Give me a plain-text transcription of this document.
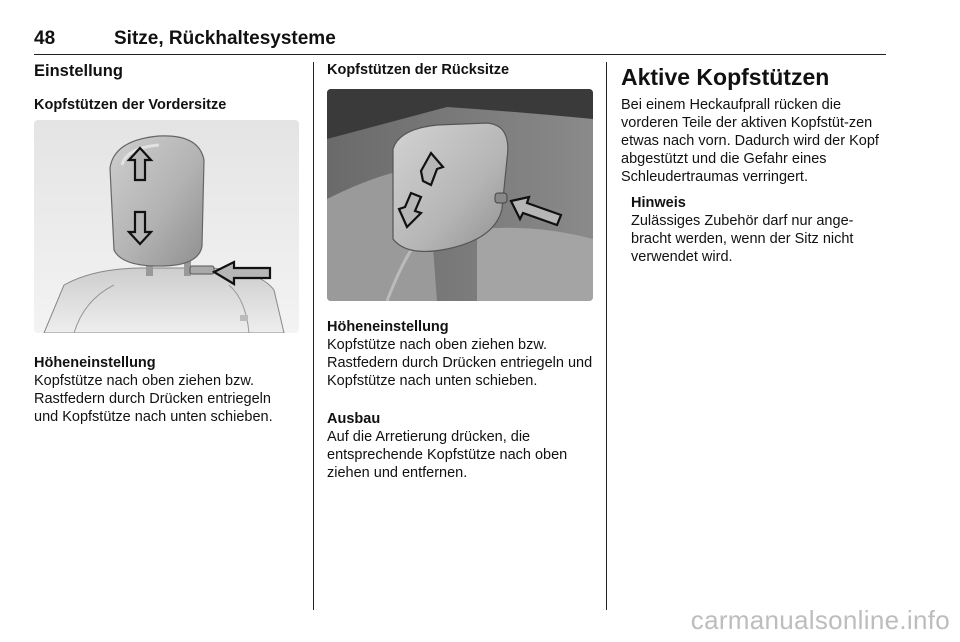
48	Sitze, Rückhaltesysteme
Einstellung
Kopfstützen der Vordersitze
Höheneinstellung
Kopfstütze nach oben ziehen bzw. Rastfedern durch Drücken entriegeln und Kopfstütze nach unten schieben.
Kopfstützen der Rücksitze
Höheneinstellung
Kopfstütze nach oben ziehen bzw. Rastfedern durch Drücken entriegeln und Kopfstütze nach unten schieben.
Ausbau
Auf die Arretierung drücken, die entsprechende Kopfstütze nach oben ziehen und entfernen.
Aktive Kopfstützen
Bei einem Heckaufprall rücken die vorderen Teile der aktiven Kopfstüt-zen etwas nach vorn. Dadurch wird der Kopf abgestützt und die Gefahr eines Schleudertraumas verringert.
Hinweis
Zulässiges Zubehör darf nur ange-bracht werden, wenn der Sitz nicht verwendet wird.
carmanualsonline.info
